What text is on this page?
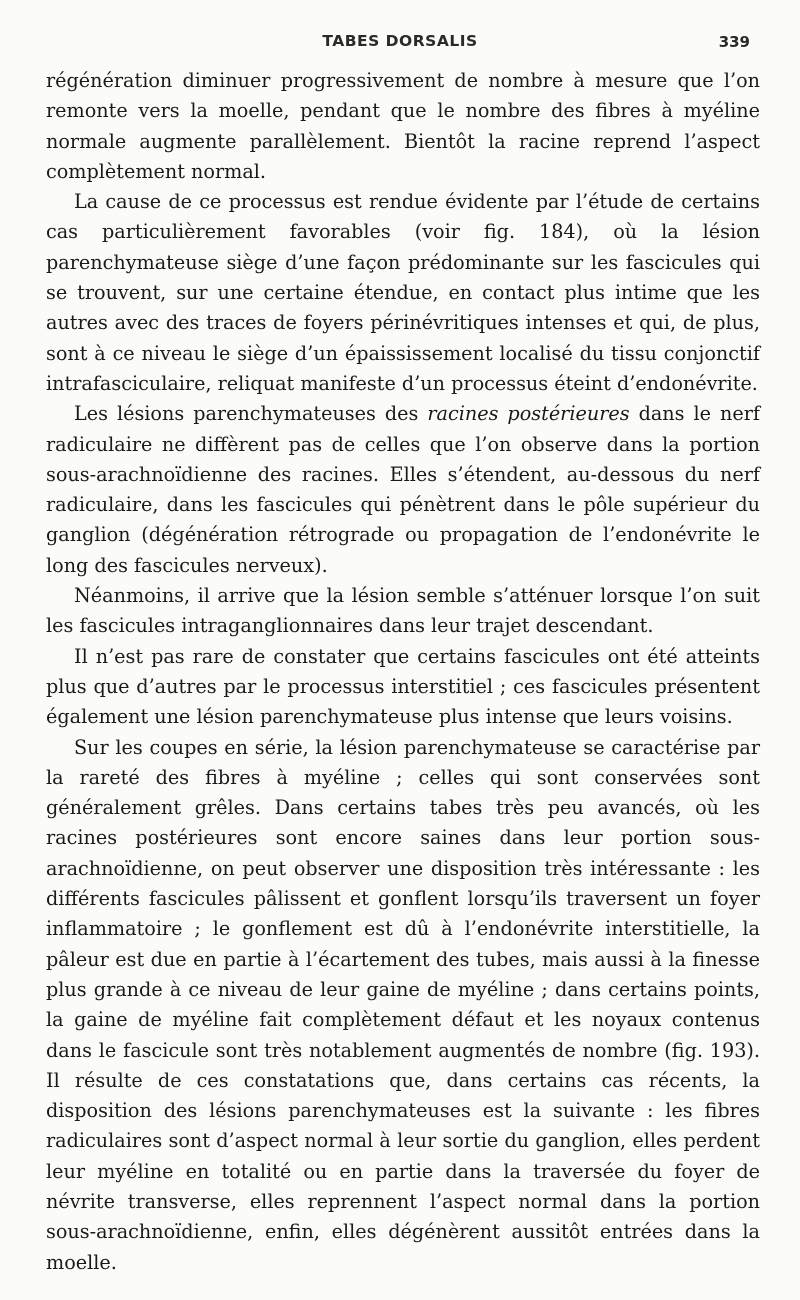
TABES DORSALIS	339

régénération diminuer progressivement de nombre à mesure que l’on remonte vers la moelle, pendant que le nombre des fibres à myéline normale augmente parallèlement. Bientôt la racine reprend l’aspect complètement normal.

La cause de ce processus est rendue évidente par l’étude de certains cas particulièrement favorables (voir fig. 184), où la lésion parenchymateuse siège d’une façon prédominante sur les fascicules qui se trouvent, sur une certaine étendue, en contact plus intime que les autres avec des traces de foyers périnévritiques intenses et qui, de plus, sont à ce niveau le siège d’un épaississement localisé du tissu conjonctif intrafasciculaire, reliquat manifeste d’un processus éteint d’endonévrite.

Les lésions parenchymateuses des racines postérieures dans le nerf radiculaire ne diffèrent pas de celles que l’on observe dans la portion sous-arachnoïdienne des racines. Elles s’étendent, au-dessous du nerf radiculaire, dans les fascicules qui pénètrent dans le pôle supérieur du ganglion (dégénération rétrograde ou propagation de l’endonévrite le long des fascicules nerveux).

Néanmoins, il arrive que la lésion semble s’atténuer lorsque l’on suit les fascicules intraganglionnaires dans leur trajet descendant.

Il n’est pas rare de constater que certains fascicules ont été atteints plus que d’autres par le processus interstitiel ; ces fascicules présentent également une lésion parenchymateuse plus intense que leurs voisins.

Sur les coupes en série, la lésion parenchymateuse se caractérise par la rareté des fibres à myéline ; celles qui sont conservées sont généralement grêles. Dans certains tabes très peu avancés, où les racines postérieures sont encore saines dans leur portion sous-arachnoïdienne, on peut observer une disposition très intéressante : les différents fascicules pâlissent et gonflent lorsqu’ils traversent un foyer inflammatoire ; le gonflement est dû à l’endonévrite interstitielle, la pâleur est due en partie à l’écartement des tubes, mais aussi à la finesse plus grande à ce niveau de leur gaine de myéline ; dans certains points, la gaine de myéline fait complètement défaut et les noyaux contenus dans le fascicule sont très notablement augmentés de nombre (fig. 193). Il résulte de ces constatations que, dans certains cas récents, la disposition des lésions parenchymateuses est la suivante : les fibres radiculaires sont d’aspect normal à leur sortie du ganglion, elles perdent leur myéline en totalité ou en partie dans la traversée du foyer de névrite transverse, elles reprennent l’aspect normal dans la portion sous-arachnoïdienne, enfin, elles dégénèrent aussitôt entrées dans la moelle.
